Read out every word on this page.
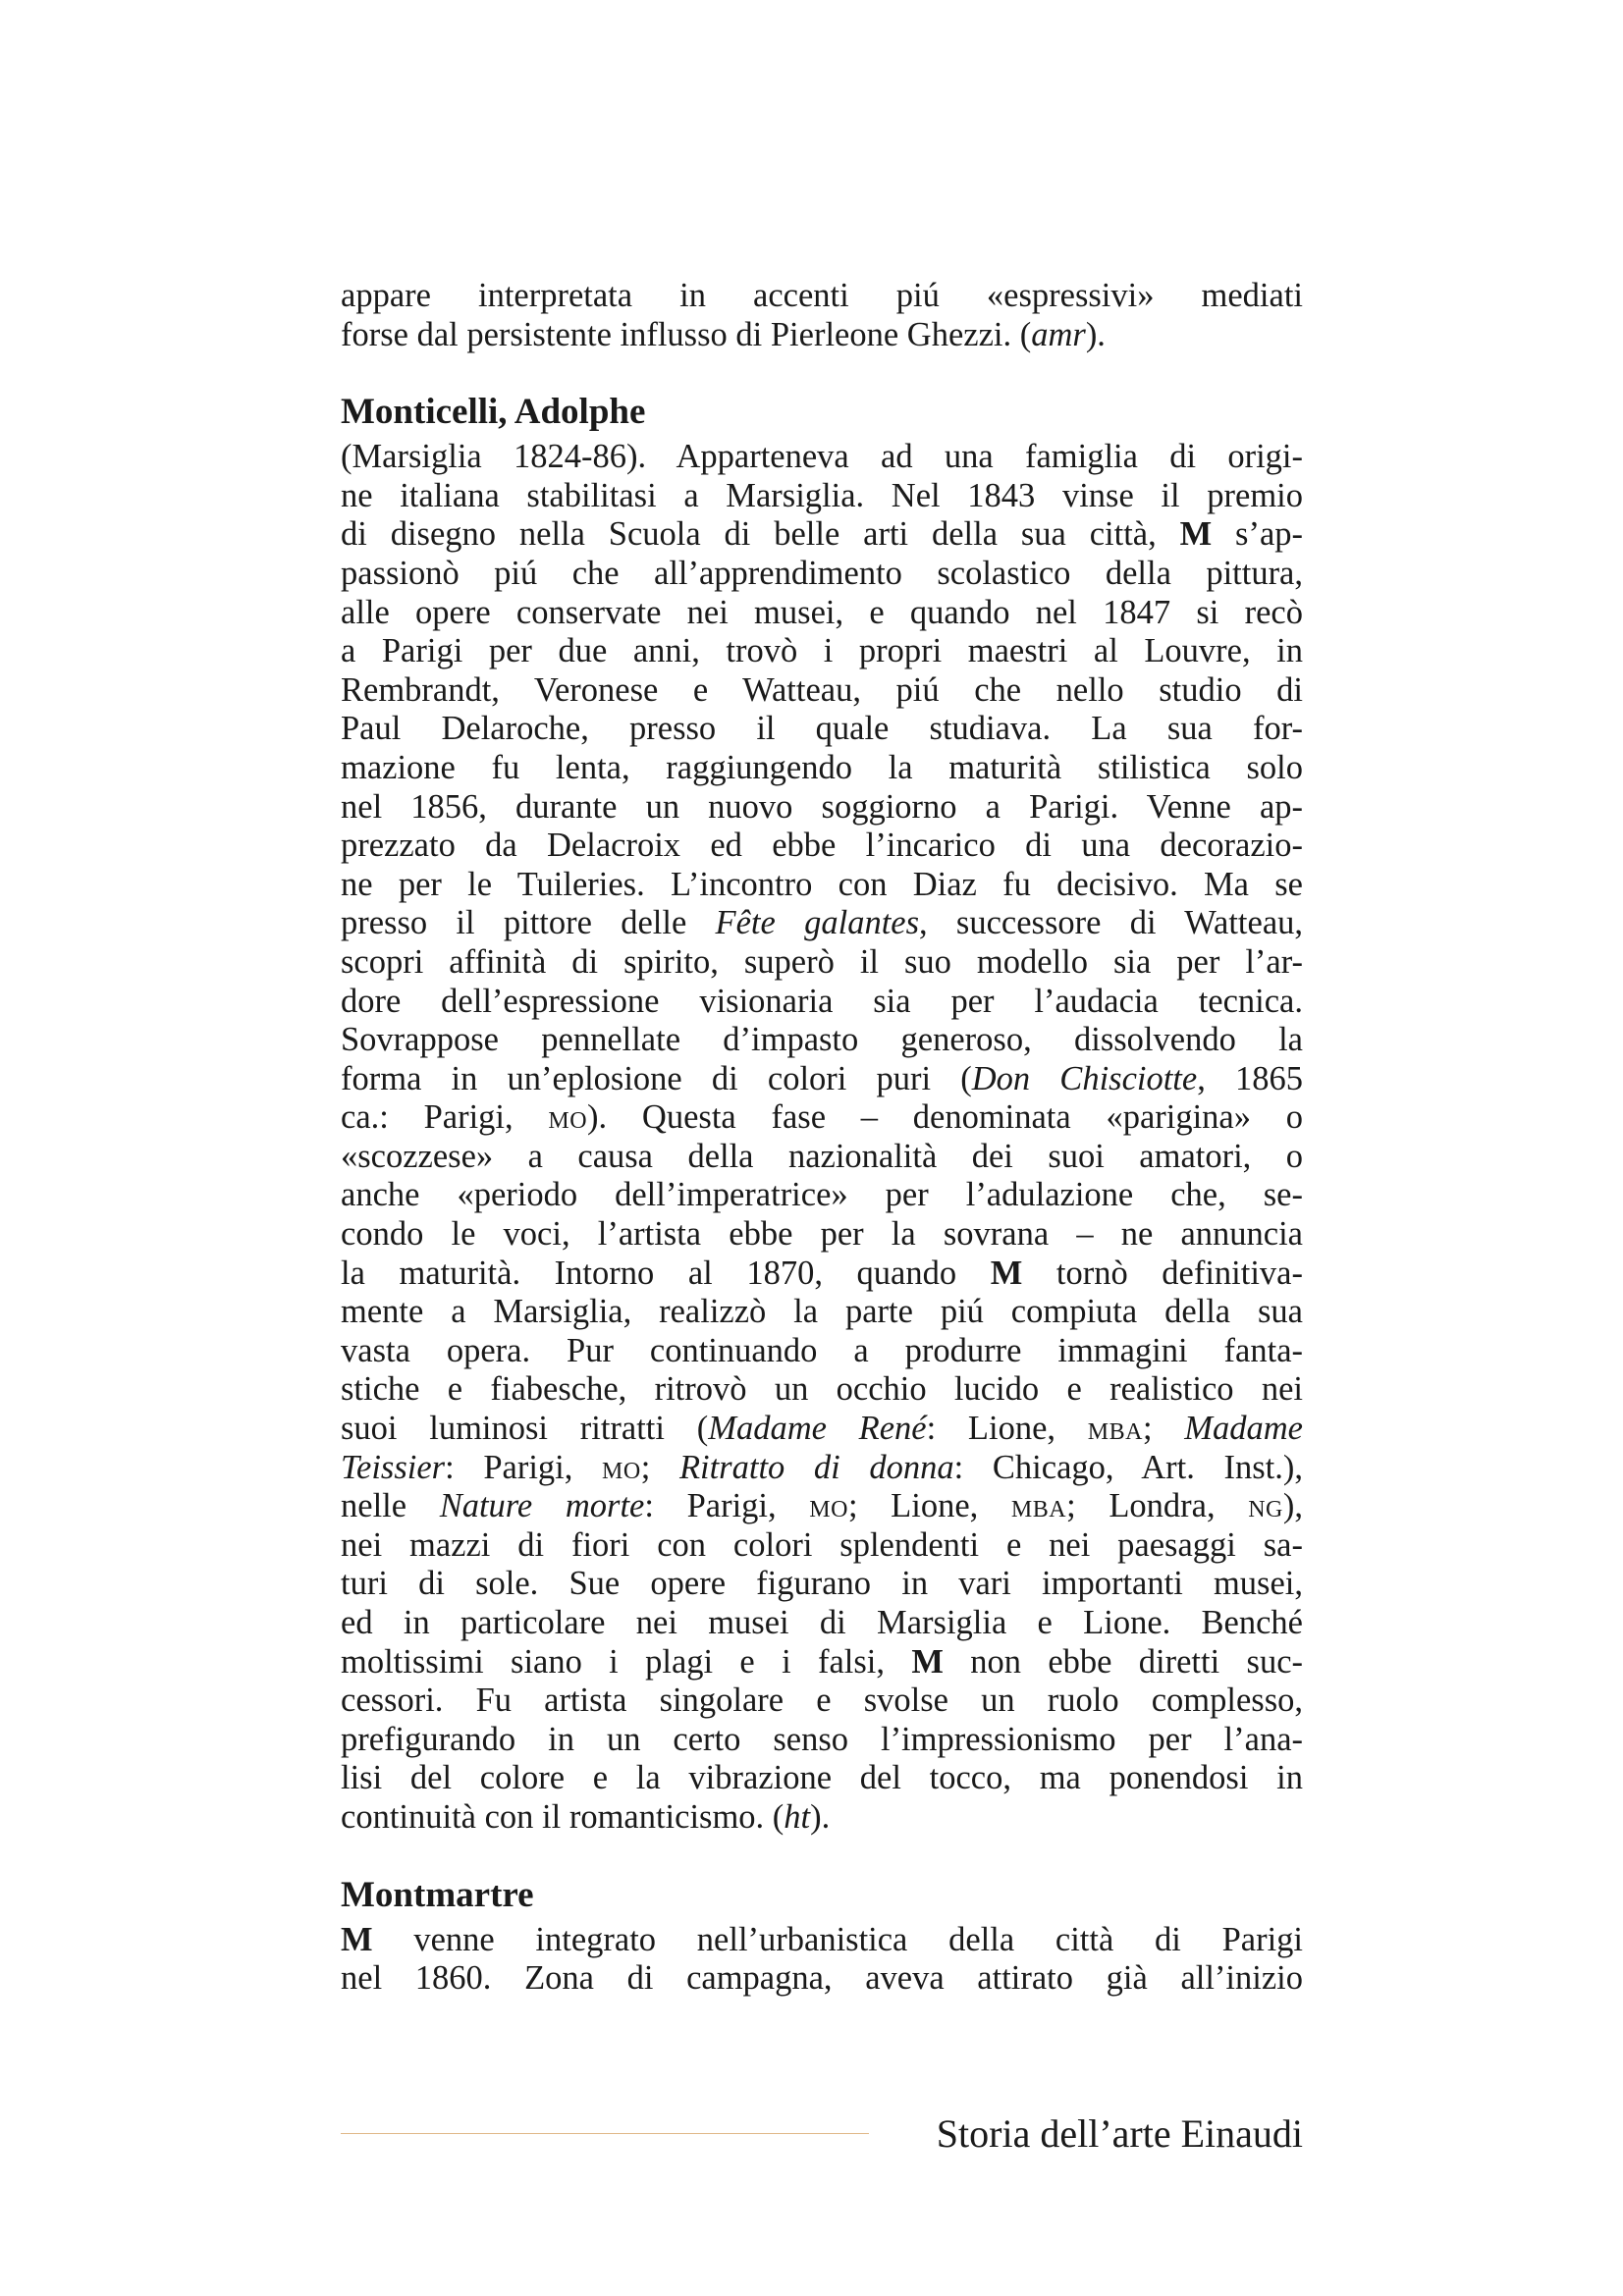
appare interpretata in accenti piú «espressivi» mediati
forse dal persistente influsso di Pierleone Ghezzi. (amr).

Monticelli, Adolphe

(Marsiglia 1824-86). Apparteneva ad una famiglia di origi-
ne italiana stabilitasi a Marsiglia. Nel 1843 vinse il premio
di disegno nella Scuola di belle arti della sua città, M s’ap-
passionò piú che all’apprendimento scolastico della pittura,
alle opere conservate nei musei, e quando nel 1847 si recò
a Parigi per due anni, trovò i propri maestri al Louvre, in
Rembrandt, Veronese e Watteau, piú che nello studio di
Paul Delaroche, presso il quale studiava. La sua for-
mazione fu lenta, raggiungendo la maturità stilistica solo
nel 1856, durante un nuovo soggiorno a Parigi. Venne ap-
prezzato da Delacroix ed ebbe l’incarico di una decorazio-
ne per le Tuileries. L’incontro con Diaz fu decisivo. Ma se
presso il pittore delle Fête galantes, successore di Watteau,
scopri affinità di spirito, superò il suo modello sia per l’ar-
dore dell’espressione visionaria sia per l’audacia tecnica.
Sovrappose pennellate d’impasto generoso, dissolvendo la
forma in un’eplosione di colori puri (Don Chisciotte, 1865
ca.: Parigi, mo). Questa fase – denominata «parigina» o
«scozzese» a causa della nazionalità dei suoi amatori, o
anche «periodo dell’imperatrice» per l’adulazione che, se-
condo le voci, l’artista ebbe per la sovrana – ne annuncia
la maturità. Intorno al 1870, quando M tornò definitiva-
mente a Marsiglia, realizzò la parte piú compiuta della sua
vasta opera. Pur continuando a produrre immagini fanta-
stiche e fiabesche, ritrovò un occhio lucido e realistico nei
suoi luminosi ritratti (Madame René: Lione, mba; Madame
Teissier: Parigi, mo; Ritratto di donna: Chicago, Art. Inst.),
nelle Nature morte: Parigi, mo; Lione, mba; Londra, ng),
nei mazzi di fiori con colori splendenti e nei paesaggi sa-
turi di sole. Sue opere figurano in vari importanti musei,
ed in particolare nei musei di Marsiglia e Lione. Benché
moltissimi siano i plagi e i falsi, M non ebbe diretti suc-
cessori. Fu artista singolare e svolse un ruolo complesso,
prefigurando in un certo senso l’impressionismo per l’ana-
lisi del colore e la vibrazione del tocco, ma ponendosi in
continuità con il romanticismo. (ht).

Montmartre

M venne integrato nell’urbanistica della città di Parigi
nel 1860. Zona di campagna, aveva attirato già all’inizio

Storia dell’arte Einaudi
